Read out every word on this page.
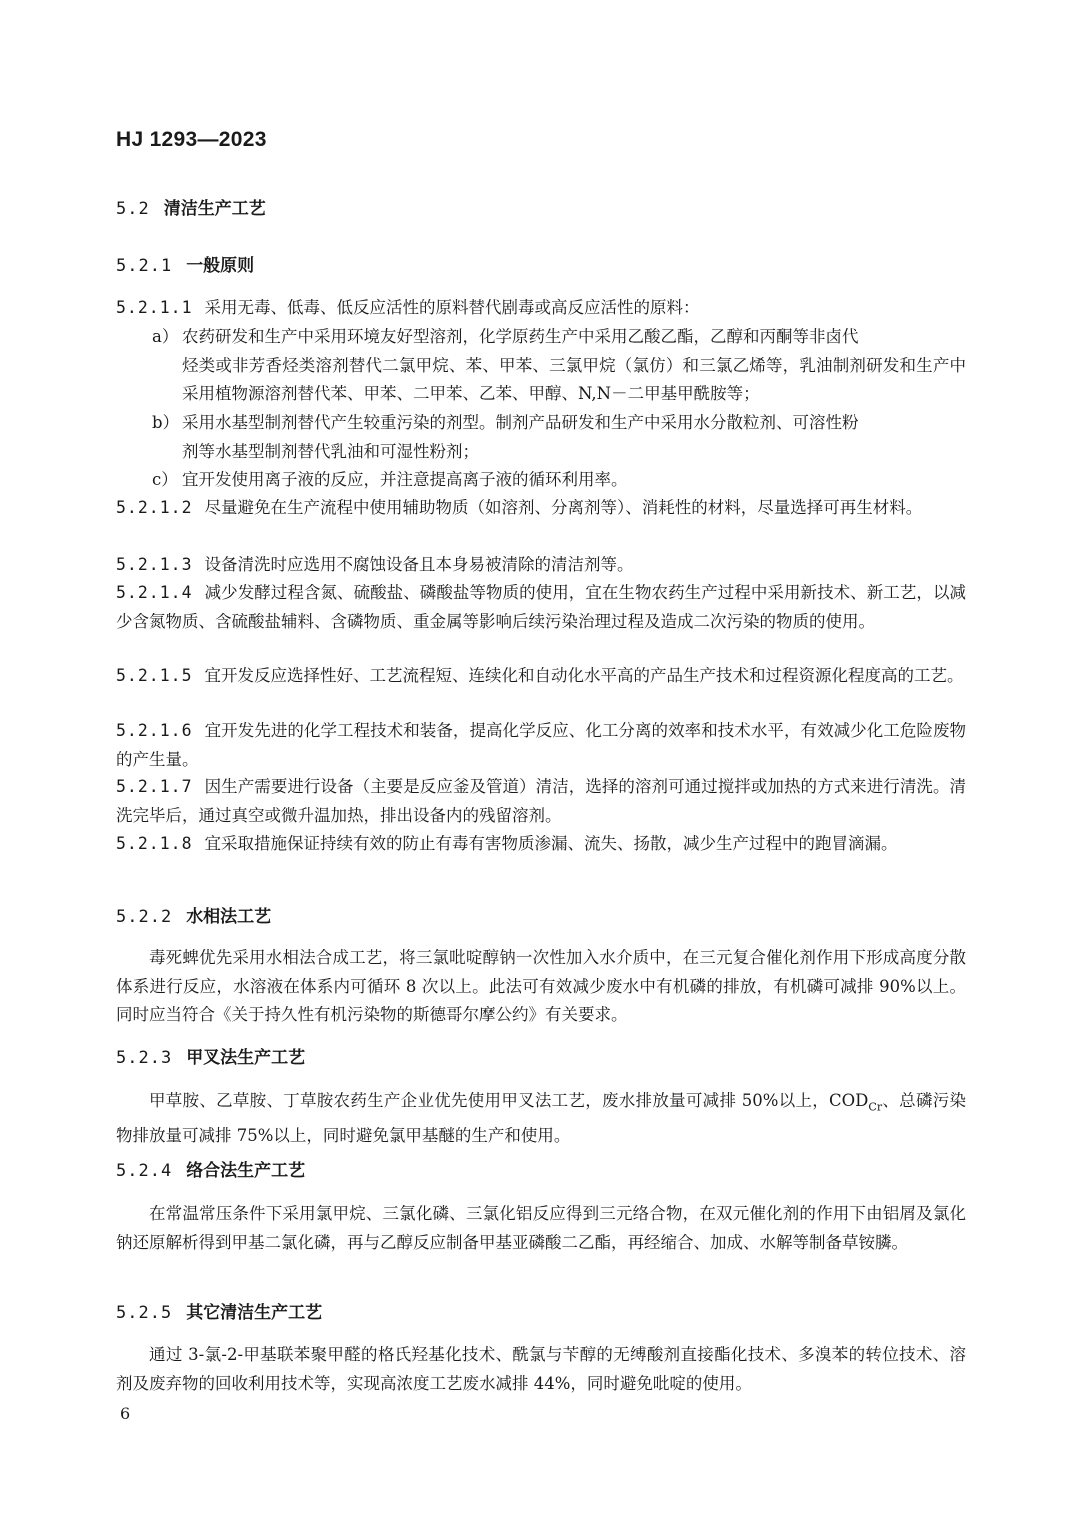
HJ 1293—2023
5.2 清洁生产工艺
5.2.1 一般原则
5.2.1.1 采用无毒、低毒、低反应活性的原料替代剧毒或高反应活性的原料：
a） 农药研发和生产中采用环境友好型溶剂，化学原药生产中采用乙酸乙酯，乙醇和丙酮等非卤代
烃类或非芳香烃类溶剂替代二氯甲烷、苯、甲苯、三氯甲烷（氯仿）和三氯乙烯等，乳油制剂研发和生产中采用植物源溶剂替代苯、甲苯、二甲苯、乙苯、甲醇、N,N－二甲基甲酰胺等；
b） 采用水基型制剂替代产生较重污染的剂型。制剂产品研发和生产中采用水分散粒剂、可溶性粉
剂等水基型制剂替代乳油和可湿性粉剂；
c） 宜开发使用离子液的反应，并注意提高离子液的循环利用率。
5.2.1.2 尽量避免在生产流程中使用辅助物质（如溶剂、分离剂等）、消耗性的材料，尽量选择可再生材料。
5.2.1.3 设备清洗时应选用不腐蚀设备且本身易被清除的清洁剂等。
5.2.1.4 减少发酵过程含氮、硫酸盐、磷酸盐等物质的使用，宜在生物农药生产过程中采用新技术、新工艺，以减少含氮物质、含硫酸盐辅料、含磷物质、重金属等影响后续污染治理过程及造成二次污染的物质的使用。
5.2.1.5 宜开发反应选择性好、工艺流程短、连续化和自动化水平高的产品生产技术和过程资源化程度高的工艺。
5.2.1.6 宜开发先进的化学工程技术和装备，提高化学反应、化工分离的效率和技术水平，有效减少化工危险废物的产生量。
5.2.1.7 因生产需要进行设备（主要是反应釜及管道）清洁，选择的溶剂可通过搅拌或加热的方式来进行清洗。清洗完毕后，通过真空或微升温加热，排出设备内的残留溶剂。
5.2.1.8 宜采取措施保证持续有效的防止有毒有害物质渗漏、流失、扬散，减少生产过程中的跑冒滴漏。
5.2.2 水相法工艺
毒死蜱优先采用水相法合成工艺，将三氯吡啶醇钠一次性加入水介质中，在三元复合催化剂作用下形成高度分散体系进行反应，水溶液在体系内可循环 8 次以上。此法可有效减少废水中有机磷的排放，有机磷可减排 90%以上。同时应当符合《关于持久性有机污染物的斯德哥尔摩公约》有关要求。
5.2.3 甲叉法生产工艺
甲草胺、乙草胺、丁草胺农药生产企业优先使用甲叉法工艺，废水排放量可减排 50%以上，$COD_{Cr}$、总磷污染物排放量可减排 75%以上，同时避免氯甲基醚的生产和使用。
5.2.4 络合法生产工艺
在常温常压条件下采用氯甲烷、三氯化磷、三氯化铝反应得到三元络合物，在双元催化剂的作用下由铝屑及氯化钠还原解析得到甲基二氯化磷，再与乙醇反应制备甲基亚磷酸二乙酯，再经缩合、加成、水解等制备草铵膦。
5.2.5 其它清洁生产工艺
通过 3-氯-2-甲基联苯聚甲醛的格氏羟基化技术、酰氯与苄醇的无缚酸剂直接酯化技术、多溴苯的转位技术、溶剂及废弃物的回收利用技术等，实现高浓度工艺废水减排 44%，同时避免吡啶的使用。
6
